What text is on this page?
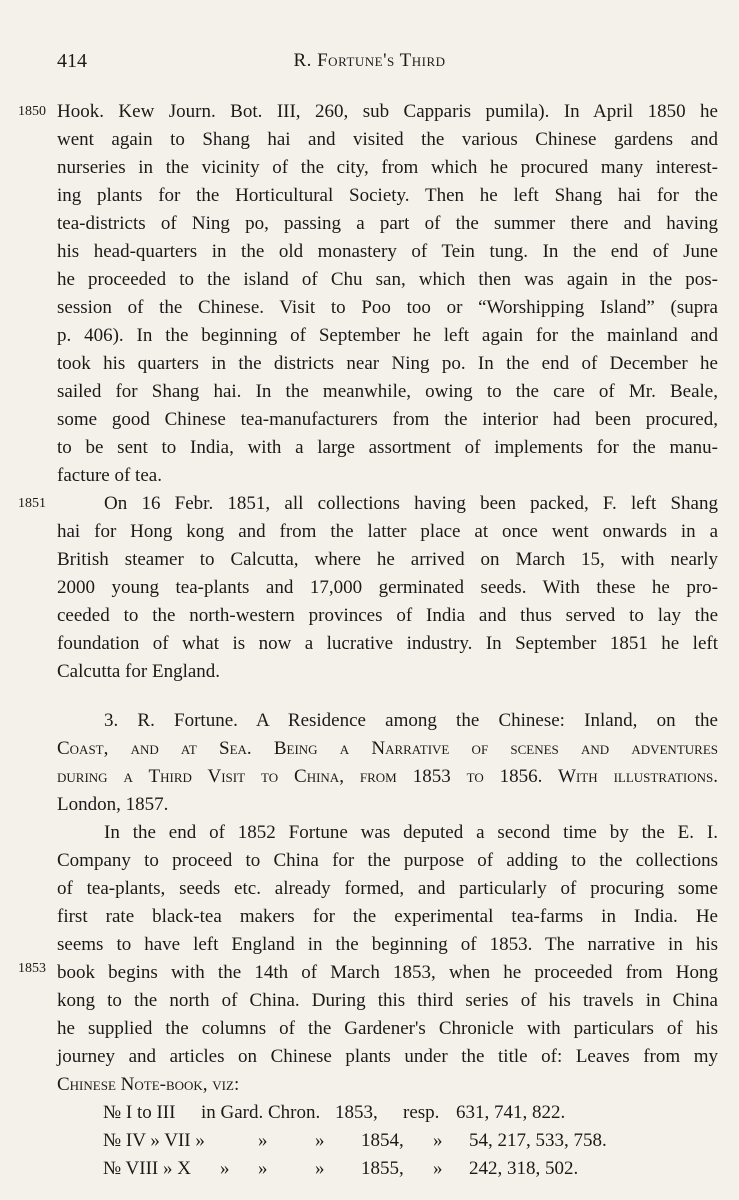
414	R. Fortune's Third
1850
1851
1853
Hook. Kew Journ. Bot. III, 260, sub Capparis pumila). In April 1850 he
went again to Shang hai and visited the various Chinese gardens and
nurseries in the vicinity of the city, from which he procured many interest-
ing plants for the Horticultural Society. Then he left Shang hai for the
tea-districts of Ning po, passing a part of the summer there and having
his head-quarters in the old monastery of Tein tung. In the end of June
he proceeded to the island of Chu san, which then was again in the pos-
session of the Chinese. Visit to Poo too or “Worshipping Island” (supra
p. 406). In the beginning of September he left again for the mainland and
took his quarters in the districts near Ning po. In the end of December he
sailed for Shang hai. In the meanwhile, owing to the care of Mr. Beale,
some good Chinese tea-manufacturers from the interior had been procured,
to be sent to India, with a large assortment of implements for the manu-
facture of tea.
On 16 Febr. 1851, all collections having been packed, F. left Shang
hai for Hong kong and from the latter place at once went onwards in a
British steamer to Calcutta, where he arrived on March 15, with nearly
2000 young tea-plants and 17,000 germinated seeds. With these he pro-
ceeded to the north-western provinces of India and thus served to lay the
foundation of what is now a lucrative industry. In September 1851 he left
Calcutta for England.
3. R. Fortune. A Residence among the Chinese: Inland, on the
Coast, and at Sea. Being a Narrative of scenes and adventures
during a Third Visit to China, from 1853 to 1856. With illustrations.
London, 1857.
In the end of 1852 Fortune was deputed a second time by the E. I.
Company to proceed to China for the purpose of adding to the collections
of tea-plants, seeds etc. already formed, and particularly of procuring some
first rate black-tea makers for the experimental tea-farms in India. He
seems to have left England in the beginning of 1853. The narrative in his
book begins with the 14th of March 1853, when he proceeded from Hong
kong to the north of China. During this third series of his travels in China
he supplied the columns of the Gardener's Chronicle with particulars of his
journey and articles on Chinese plants under the title of: Leaves from my
Chinese Note-book, viz:
№ I to III in Gard. Chron. 1853, resp. 631, 741, 822.
№ IV » VII »	»	» 1854, » 54, 217, 533, 758.
№ VIII » X » »	» 1855, » 242, 318, 502.
